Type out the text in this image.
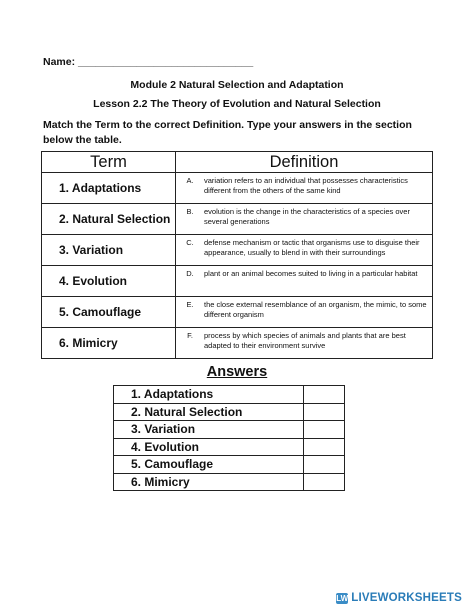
Name: ______________________________
Module 2 Natural Selection and Adaptation
Lesson 2.2 The Theory of Evolution and Natural Selection
Match the Term to the correct Definition. Type your answers in the section below the table.
Term	Definition
1. Adaptations	A. variation refers to an individual that possesses characteristics different from the others of the same kind

2. Natural Selection	B. evolution is the change in the characteristics of a species over several generations

3. Variation	C. defense mechanism or tactic that organisms use to disguise their appearance, usually to blend in with their surroundings

4. Evolution	D. plant or an animal becomes suited to living in a particular habitat

5. Camouflage	E. the close external resemblance of an organism, the mimic, to some different organism

6. Mimicry	F. process by which species of animals and plants that are best adapted to their environment survive
Answers
1. Adaptations	
2. Natural Selection	
3. Variation	
4. Evolution	
5. Camouflage	
6. Mimicry	
LW LIVEWORKSHEETS
